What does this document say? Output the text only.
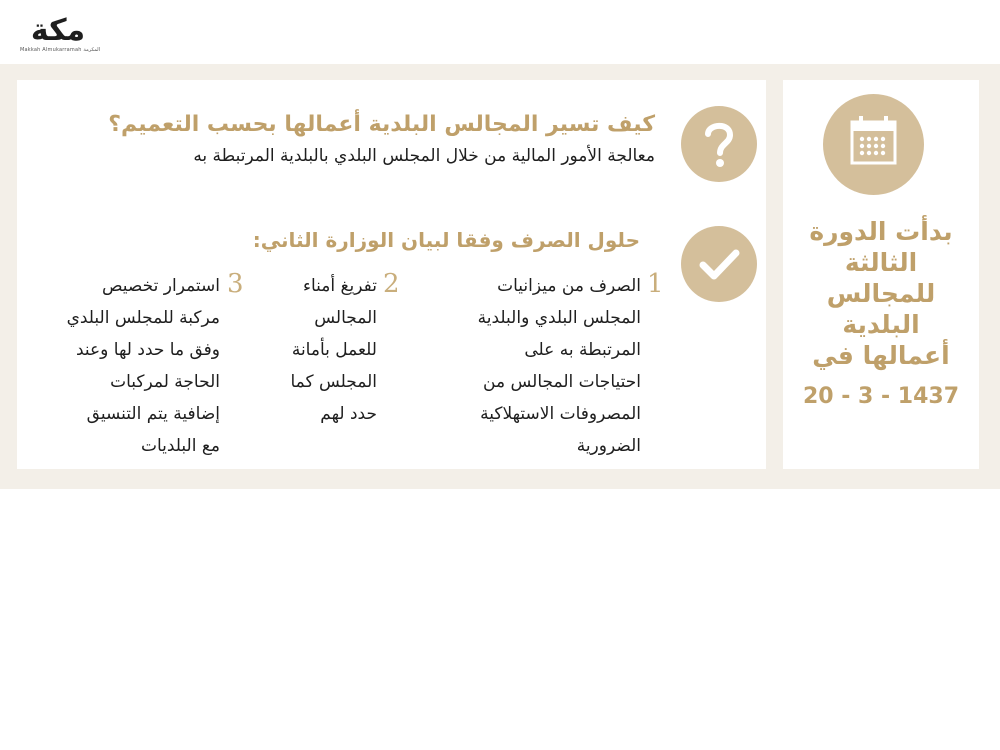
مكة
Makkah Almukarramah المكرمة
بدأت الدورة
الثالثة
للمجالس
البلدية
أعمالها في
20 - 3 - 1437
كيف تسير المجالس البلدية أعمالها بحسب التعميم؟
معالجة الأمور المالية من خلال المجلس البلدي بالبلدية المرتبطة به
حلول الصرف وفقا لبيان الوزارة الثاني:
1
الصرف من ميزانيات
المجلس البلدي والبلدية
المرتبطة به على
احتياجات المجالس من
المصروفات الاستهلاكية
الضرورية
2
تفريغ أمناء
المجالس
للعمل بأمانة
المجلس كما
حدد لهم
3
استمرار تخصيص
مركبة للمجلس البلدي
وفق ما حدد لها وعند
الحاجة لمركبات
إضافية يتم التنسيق
مع البلديات
